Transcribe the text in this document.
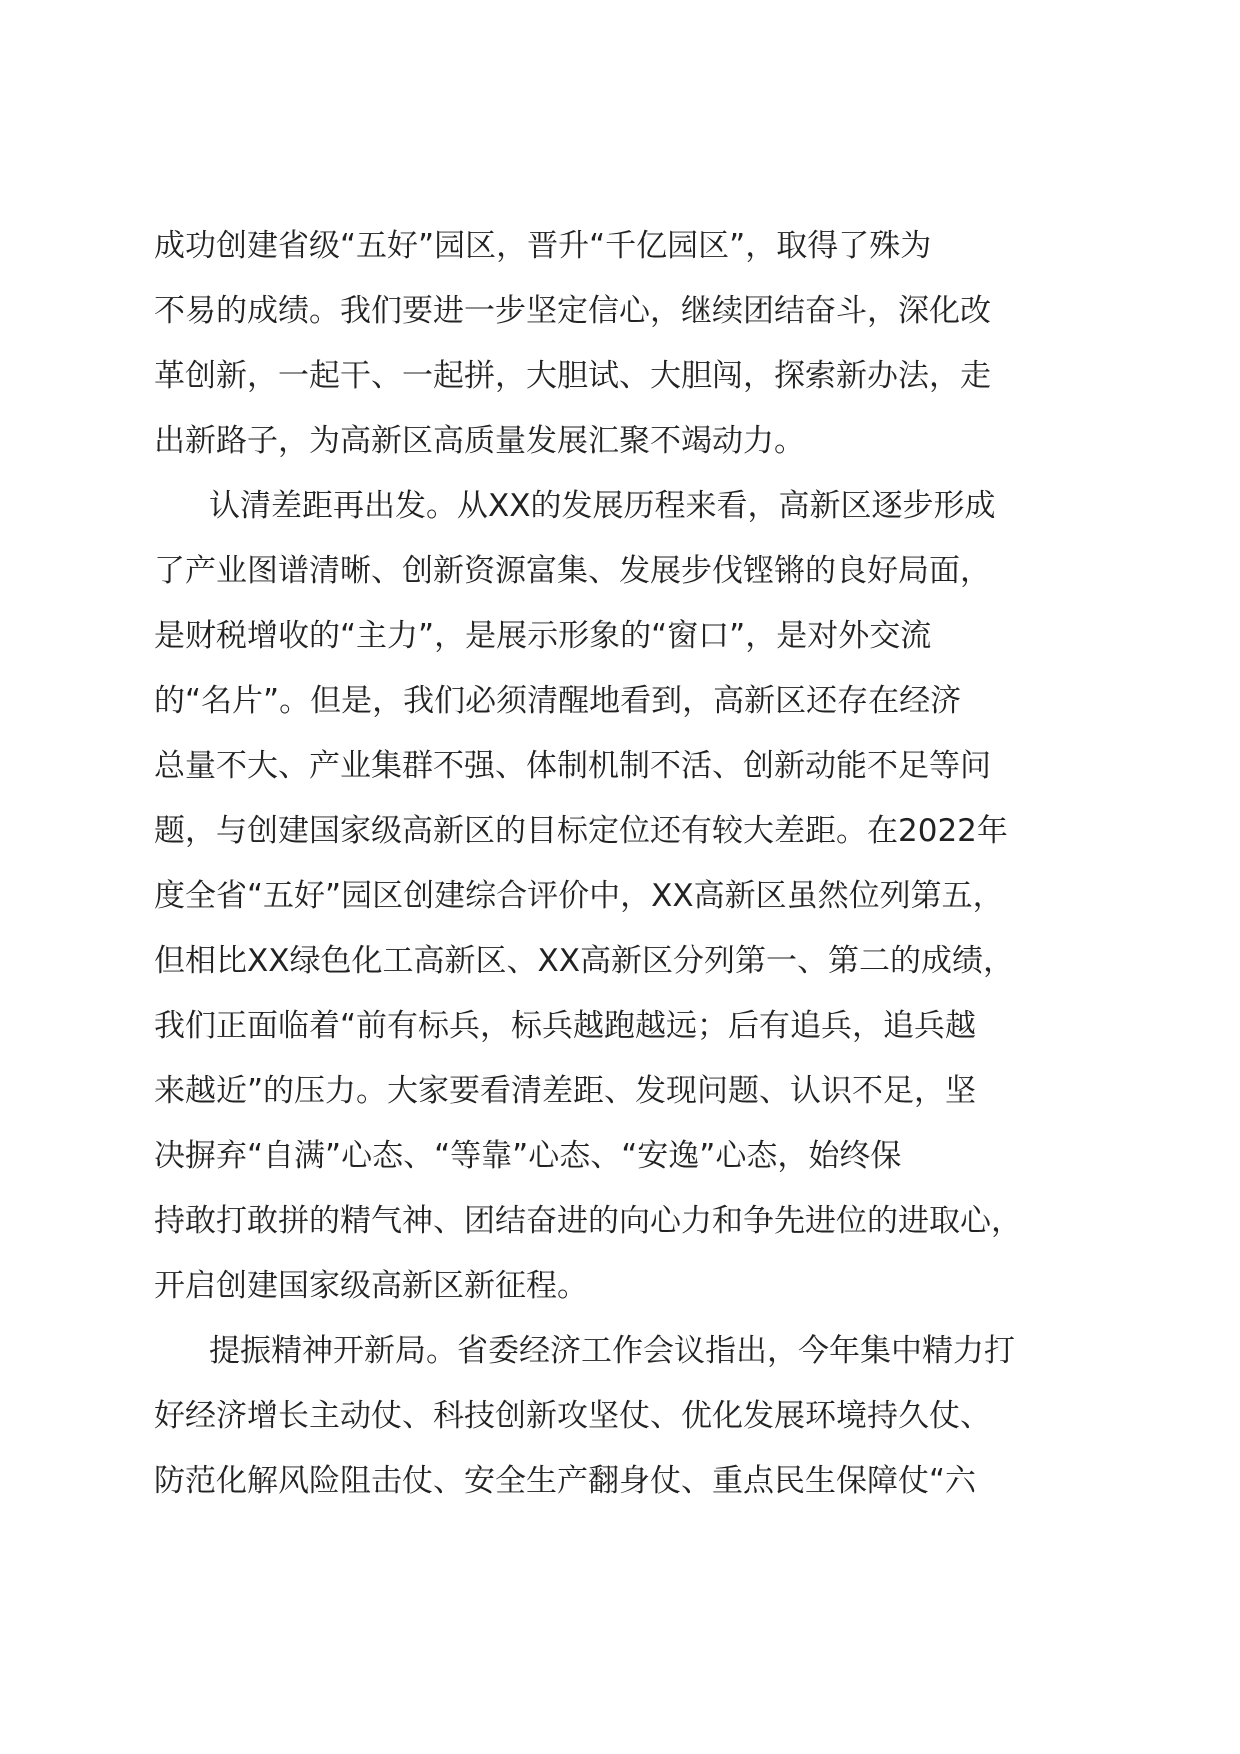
成功创建省级“五好”园区，晋升“千亿园区”，取得了殊为
不易的成绩。我们要进一步坚定信心，继续团结奋斗，深化改
革创新，一起干、一起拼，大胆试、大胆闯，探索新办法，走
出新路子，为高新区高质量发展汇聚不竭动力。
认清差距再出发。从XX的发展历程来看，高新区逐步形成
了产业图谱清晰、创新资源富集、发展步伐铿锵的良好局面，
是财税增收的“主力”，是展示形象的“窗口”，是对外交流
的“名片”。但是，我们必须清醒地看到，高新区还存在经济
总量不大、产业集群不强、体制机制不活、创新动能不足等问
题，与创建国家级高新区的目标定位还有较大差距。在2022年
度全省“五好”园区创建综合评价中，XX高新区虽然位列第五，
但相比XX绿色化工高新区、XX高新区分列第一、第二的成绩，
我们正面临着“前有标兵，标兵越跑越远；后有追兵，追兵越
来越近”的压力。大家要看清差距、发现问题、认识不足，坚
决摒弃“自满”心态、“等靠”心态、“安逸”心态，始终保
持敢打敢拼的精气神、团结奋进的向心力和争先进位的进取心，
开启创建国家级高新区新征程。
提振精神开新局。省委经济工作会议指出，今年集中精力打
好经济增长主动仗、科技创新攻坚仗、优化发展环境持久仗、
防范化解风险阻击仗、安全生产翻身仗、重点民生保障仗“六
